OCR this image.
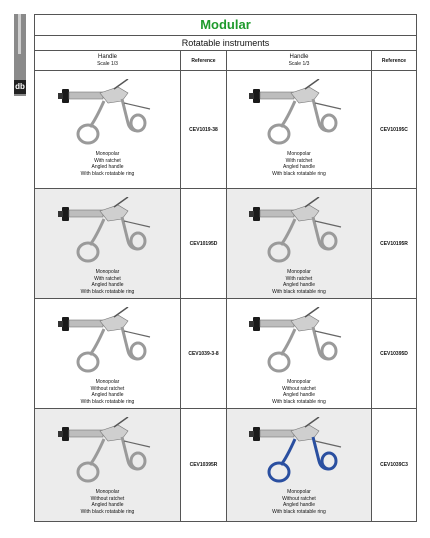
db
Modular
Rotatable instruments
Handle
Scale 1/3
Reference
Handle
Scale 1/3
Reference
Monopolar
With ratchet
Angled handle
With black rotatable ring
CEV1019-38
Monopolar
With ratchet
Angled handle
With black rotatable ring
CEV10195C
Monopolar
With ratchet
Angled handle
With black rotatable ring
CEV10195D
Monopolar
With ratchet
Angled handle
With black rotatable ring
CEV10195R
Monopolar
Without ratchet
Angled handle
With black rotatable ring
CEV1039-3-8
Monopolar
Without ratchet
Angled handle
With black rotatable ring
CEV10395D
Monopolar
Without ratchet
Angled handle
With black rotatable ring
CEV10395R
Monopolar
Without ratchet
Angled handle
With black rotatable ring
CEV1039C3
